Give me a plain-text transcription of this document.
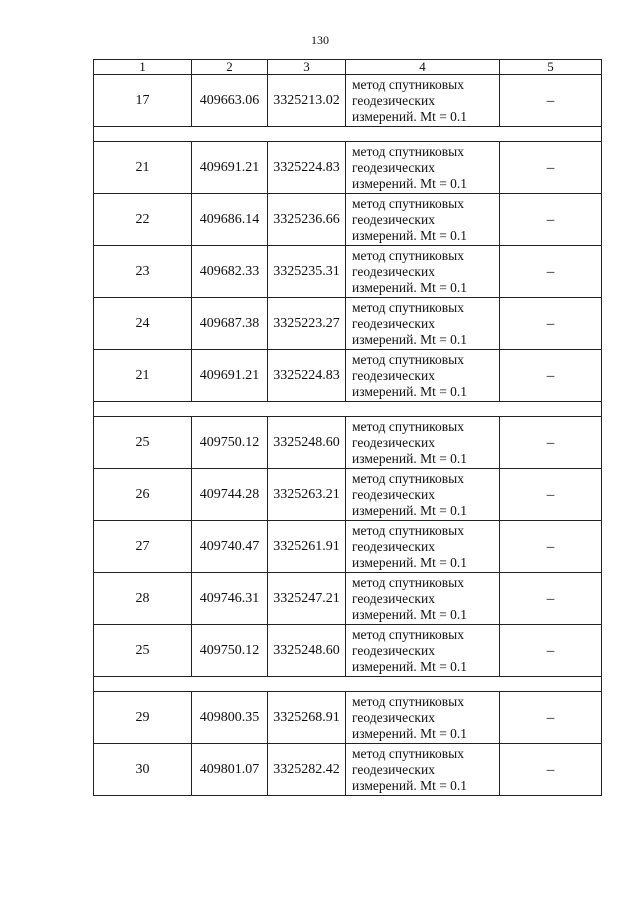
130
1	2	3	4	5
17	409663.06	3325213.02	метод спутниковых геодезических измерений. Mt = 0.1	–

21	409691.21	3325224.83	метод спутниковых геодезических измерений. Mt = 0.1	–
22	409686.14	3325236.66	метод спутниковых геодезических измерений. Mt = 0.1	–
23	409682.33	3325235.31	метод спутниковых геодезических измерений. Mt = 0.1	–
24	409687.38	3325223.27	метод спутниковых геодезических измерений. Mt = 0.1	–
21	409691.21	3325224.83	метод спутниковых геодезических измерений. Mt = 0.1	–

25	409750.12	3325248.60	метод спутниковых геодезических измерений. Mt = 0.1	–
26	409744.28	3325263.21	метод спутниковых геодезических измерений. Mt = 0.1	–
27	409740.47	3325261.91	метод спутниковых геодезических измерений. Mt = 0.1	–
28	409746.31	3325247.21	метод спутниковых геодезических измерений. Mt = 0.1	–
25	409750.12	3325248.60	метод спутниковых геодезических измерений. Mt = 0.1	–

29	409800.35	3325268.91	метод спутниковых геодезических измерений. Mt = 0.1	–
30	409801.07	3325282.42	метод спутниковых геодезических измерений. Mt = 0.1	–
